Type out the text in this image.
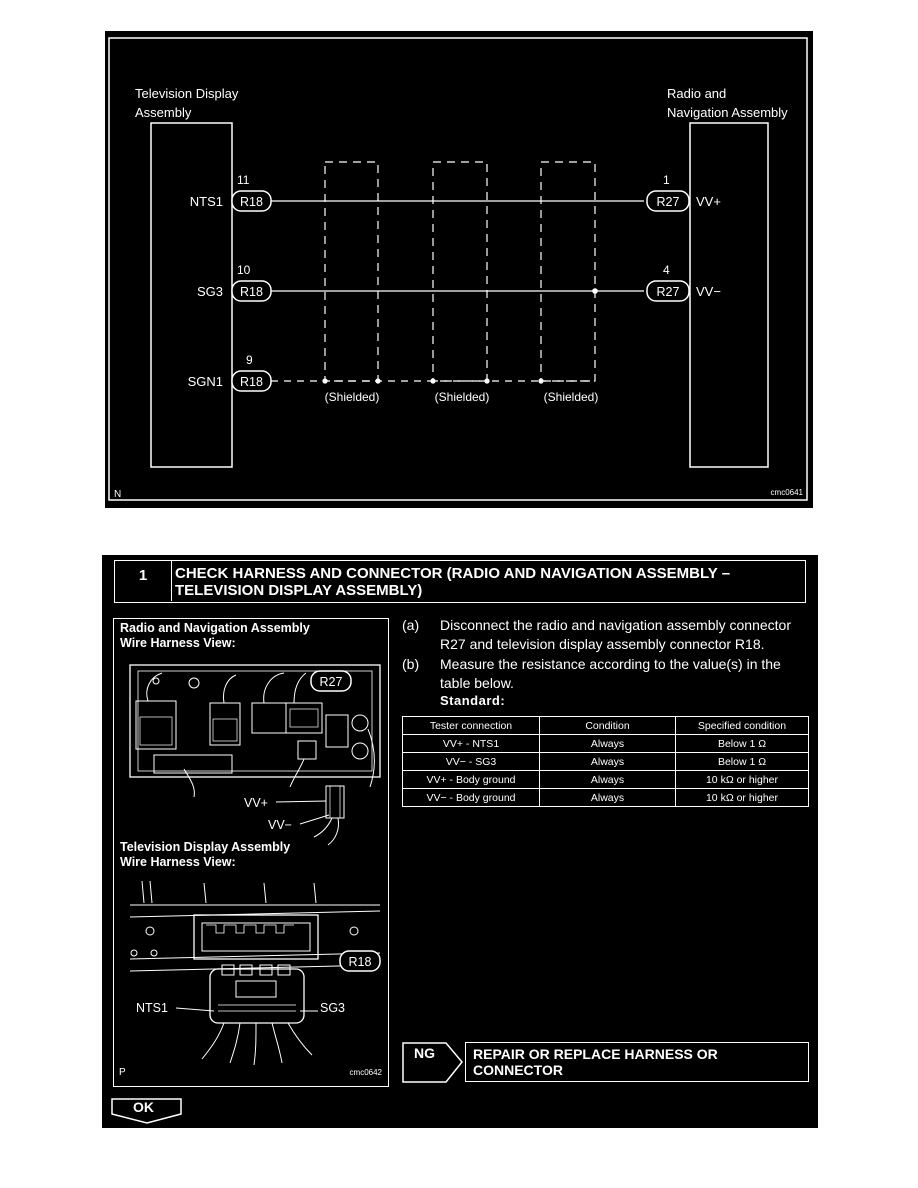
Television Display
Assembly
Radio and
Navigation Assembly
R18
R18
R18
R27
R27
11
10
9
1
4
NTS1
SG3
SGN1
VV+
VV−
(Shielded)	(Shielded)	(Shielded)
N	cmc0641
1	CHECK HARNESS AND CONNECTOR (RADIO AND NAVIGATION ASSEMBLY –
TELEVISION DISPLAY ASSEMBLY)
Radio and Navigation Assembly
Wire Harness View:
R27
VV+
VV−
R18
NTS1	SG3
P	cmc0642
Television Display Assembly
Wire Harness View:
(a) Disconnect the radio and navigation assembly connector
R27 and television display assembly connector R18.
(b) Measure the resistance according to the value(s) in the
table below.
Standard:
NG	REPAIR OR REPLACE HARNESS OR
CONNECTOR
OK
Tester connection	Condition	Specified condition
VV+ - NTS1	Always	Below 1 Ω
VV− - SG3	Always	Below 1 Ω
VV+ - Body ground	Always	10 kΩ or higher
VV− - Body ground	Always	10 kΩ or higher
